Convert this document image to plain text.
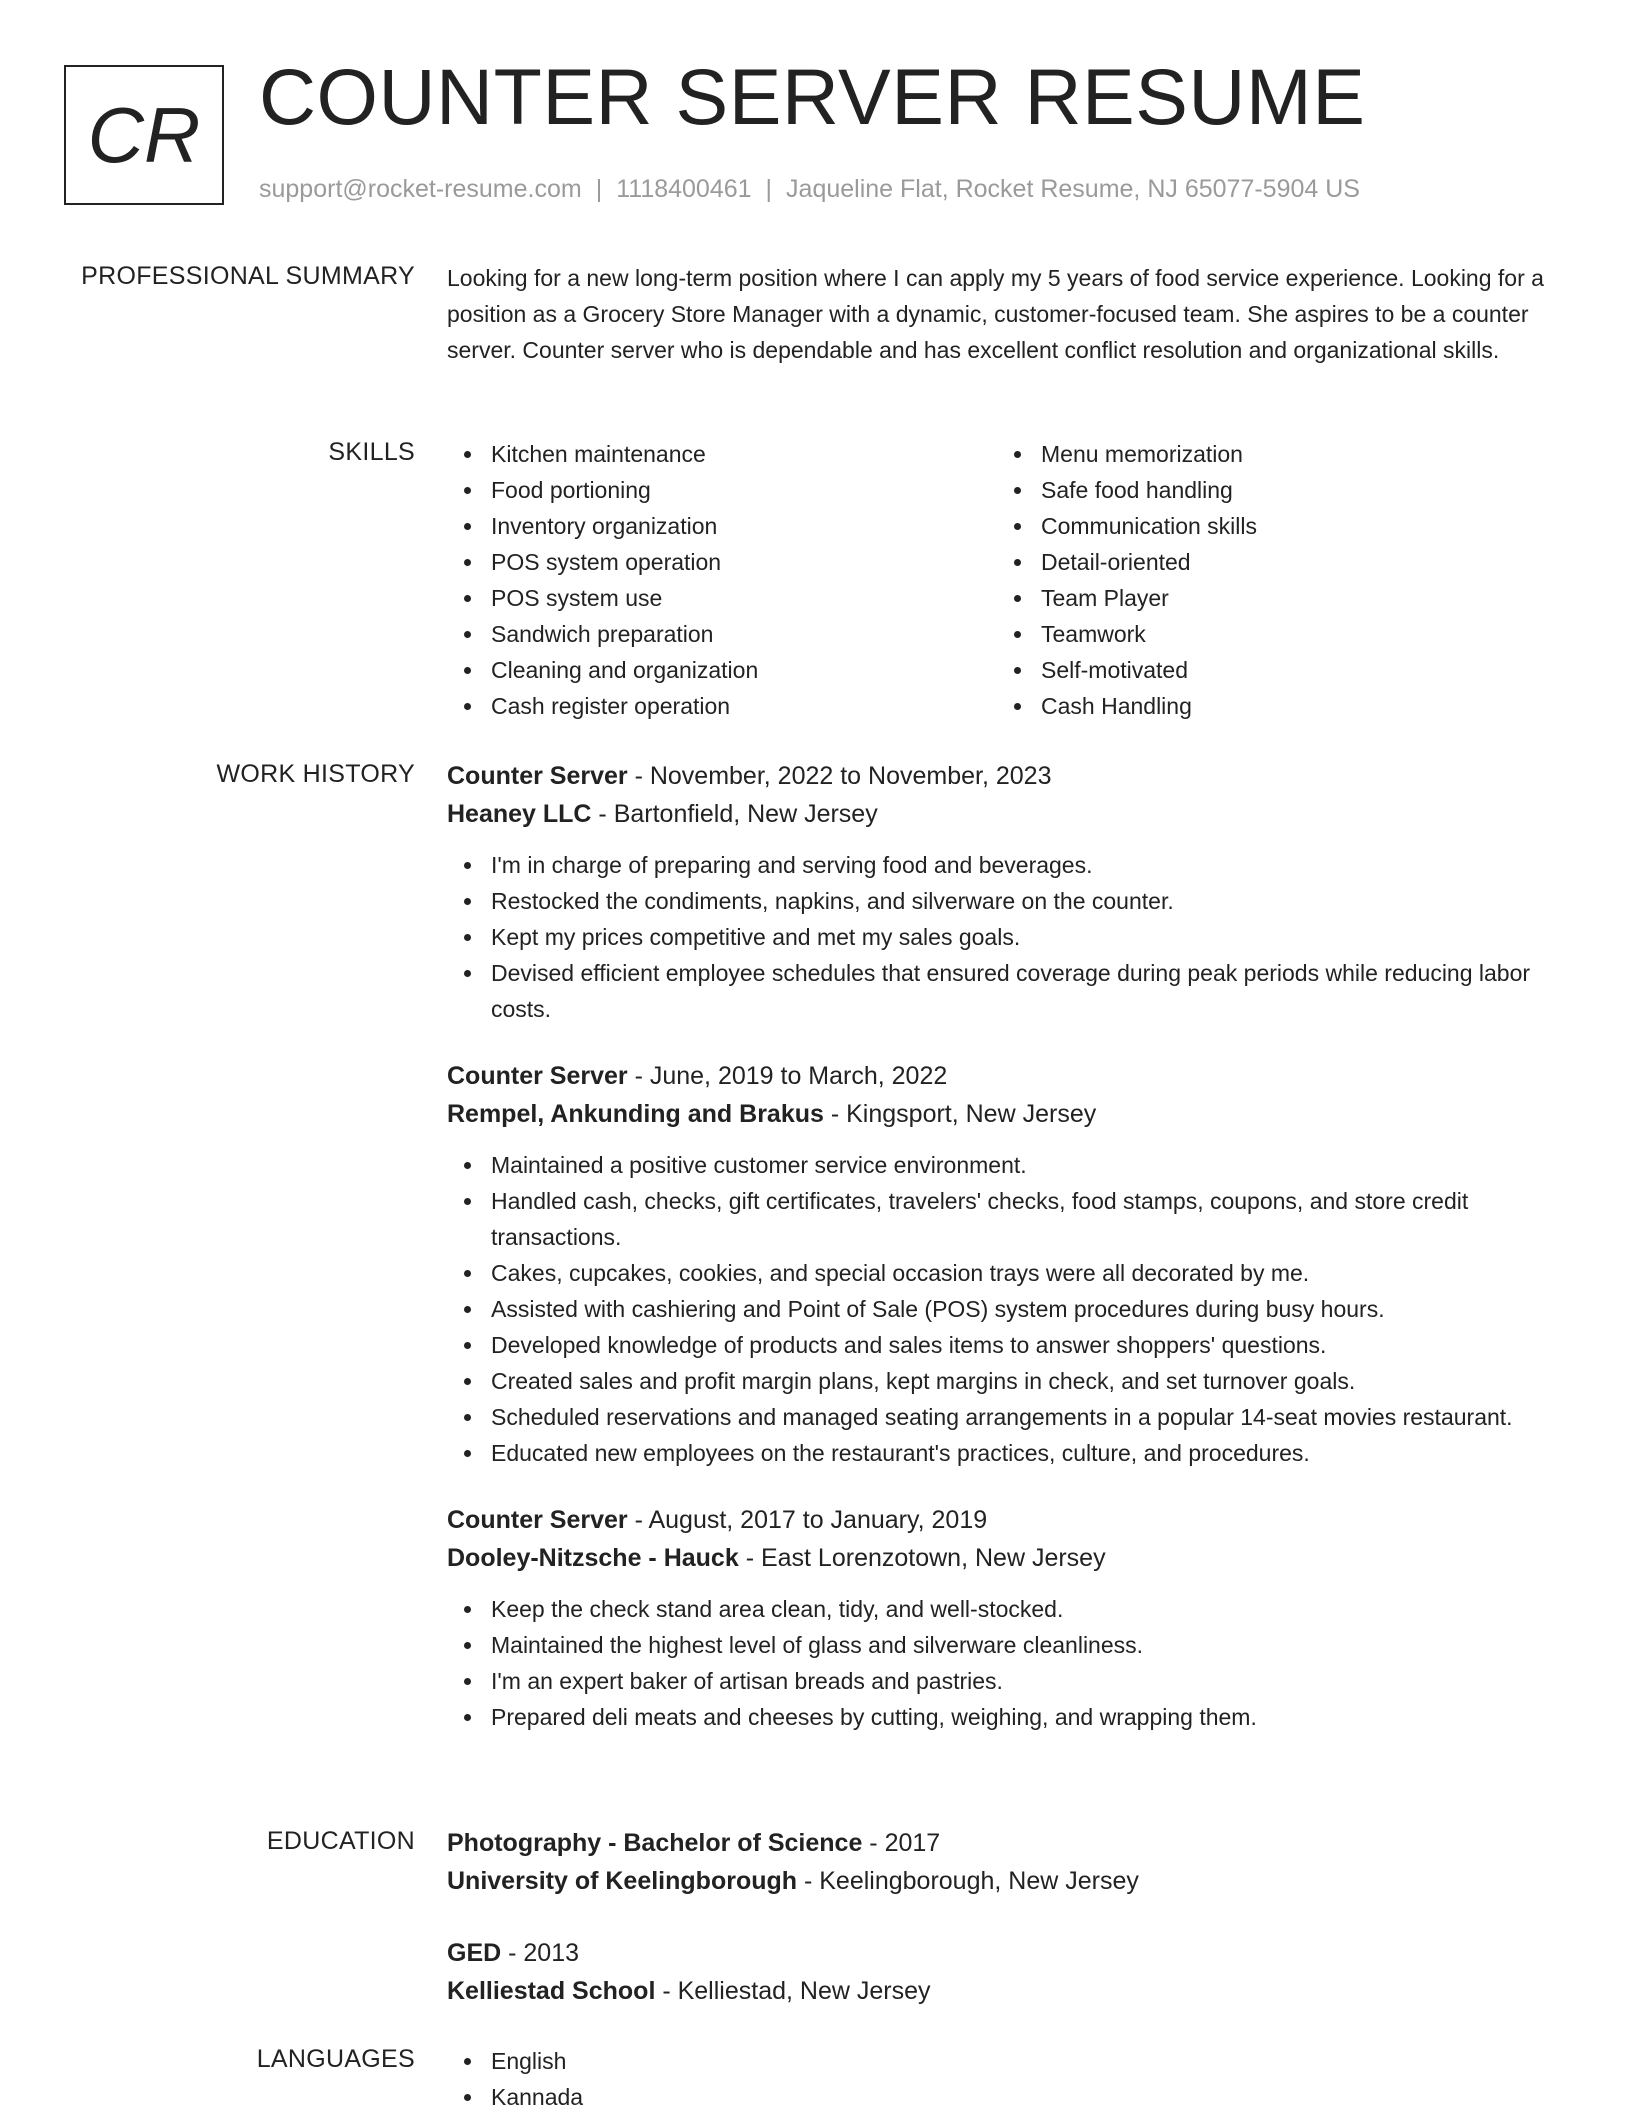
CR COUNTER SERVER RESUME
support@rocket-resume.com | 1118400461 | Jaqueline Flat, Rocket Resume, NJ 65077-5904 US
PROFESSIONAL SUMMARY Looking for a new long-term position where I can apply my 5 years of food service experience. Looking for a position as a Grocery Store Manager with a dynamic, customer-focused team. She aspires to be a counter server. Counter server who is dependable and has excellent conflict resolution and organizational skills.

SKILLS	Kitchen maintenance
Food portioning
Inventory organization
POS system operation
POS system use
Sandwich preparation
Cleaning and organization
Cash register operation
Menu memorization
Safe food handling
Communication skills
Detail-oriented
Team Player
Teamwork
Self-motivated
Cash Handling
WORK HISTORY Counter Server - November, 2022 to November, 2023
Heaney LLC - Bartonfield, New Jersey
I'm in charge of preparing and serving food and beverages.
Restocked the condiments, napkins, and silverware on the counter.
Kept my prices competitive and met my sales goals.
Devised efficient employee schedules that ensured coverage during peak periods while reducing labor costs.
Counter Server - June, 2019 to March, 2022
Rempel, Ankunding and Brakus - Kingsport, New Jersey
Maintained a positive customer service environment.
Handled cash, checks, gift certificates, travelers' checks, food stamps, coupons, and store credit transactions.
Cakes, cupcakes, cookies, and special occasion trays were all decorated by me.
Assisted with cashiering and Point of Sale (POS) system procedures during busy hours.
Developed knowledge of products and sales items to answer shoppers' questions.
Created sales and profit margin plans, kept margins in check, and set turnover goals.
Scheduled reservations and managed seating arrangements in a popular 14-seat movies restaurant.
Educated new employees on the restaurant's practices, culture, and procedures.
Counter Server - August, 2017 to January, 2019
Dooley-Nitzsche - Hauck - East Lorenzotown, New Jersey
Keep the check stand area clean, tidy, and well-stocked.
Maintained the highest level of glass and silverware cleanliness.
I'm an expert baker of artisan breads and pastries.
Prepared deli meats and cheeses by cutting, weighing, and wrapping them.
EDUCATION Photography - Bachelor of Science - 2017
University of Keelingborough - Keelingborough, New Jersey
GED - 2013
Kelliestad School - Kelliestad, New Jersey
LANGUAGES	English
Kannada
